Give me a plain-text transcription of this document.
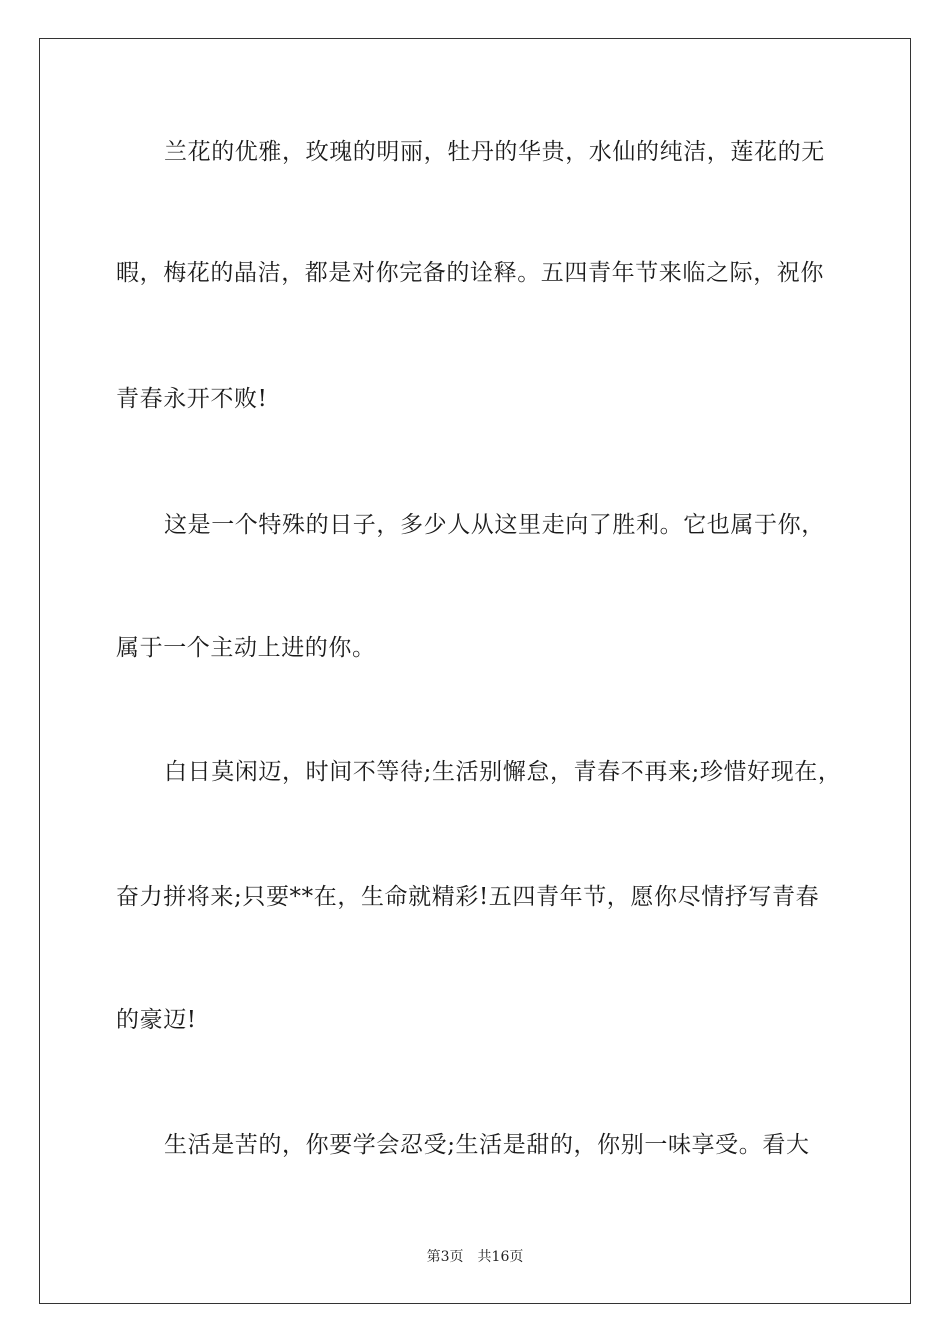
兰花的优雅，玫瑰的明丽，牡丹的华贵，水仙的纯洁，莲花的无
暇，梅花的晶洁，都是对你完备的诠释。五四青年节来临之际，祝你
青春永开不败!
这是一个特殊的日子，多少人从这里走向了胜利。它也属于你，
属于一个主动上进的你。
白日莫闲迈，时间不等待;生活别懈怠，青春不再来;珍惜好现在，
奋力拼将来;只要**在，生命就精彩!五四青年节，愿你尽情抒写青春
的豪迈!
生活是苦的，你要学会忍受;生活是甜的，你别一味享受。看大
第3页 共16页
